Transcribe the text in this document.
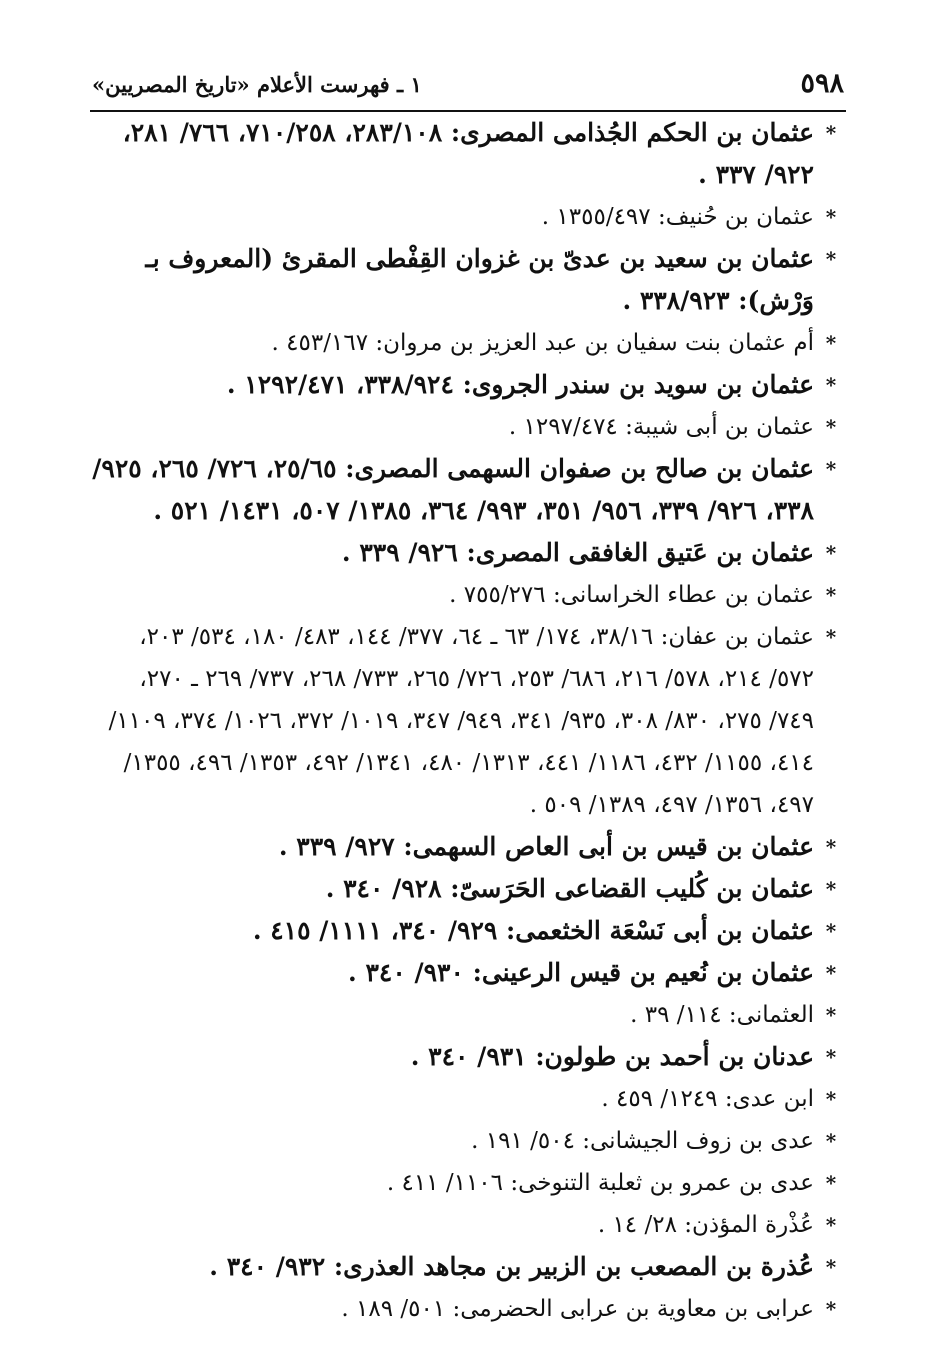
٥٩٨
١ ـ فهرست الأعلام «تاريخ المصريين»

*
عثمان بن الحكم الجُذامى المصرى: ٢٨٣/١٠٨، ٧١٠/٢٥٨، ٧٦٦/ ٢٨١، ٩٢٢/ ٣٣٧ .

*
عثمان بن حُنيف: ١٣٥٥/٤٩٧ .

*
عثمان بن سعيد بن عدىّ بن غزوان القِفْطى المقرئ (المعروف بـ وَرْش): ٣٣٨/٩٢٣ .

*
أم عثمان بنت سفيان بن عبد العزيز بن مروان: ٤٥٣/١٦٧ .

*
عثمان بن سويد بن سندر الجروى: ٣٣٨/٩٢٤، ١٢٩٢/٤٧١ .

*
عثمان بن أبى شيبة: ١٢٩٧/٤٧٤ .

*
عثمان بن صالح بن صفوان السهمى المصرى: ٢٥/٦٥، ٧٢٦/ ٢٦٥، ٩٢٥/ ٣٣٨، ٩٢٦/ ٣٣٩، ٩٥٦/ ٣٥١، ٩٩٣/ ٣٦٤، ١٣٨٥/ ٥٠٧، ١٤٣١/ ٥٢١ .

*
عثمان بن عَتيق الغافقى المصرى: ٩٢٦/ ٣٣٩ .

*
عثمان بن عطاء الخراسانى: ٧٥٥/٢٧٦ .

*
عثمان بن عفان: ٣٨/١٦، ١٧٤/ ٦٣ ـ ٦٤، ٣٧٧/ ١٤٤، ٤٨٣/ ١٨٠، ٥٣٤/ ٢٠٣، ٥٧٢/ ٢١٤، ٥٧٨/ ٢١٦، ٦٨٦/ ٢٥٣، ٧٢٦/ ٢٦٥، ٧٣٣/ ٢٦٨، ٧٣٧/ ٢٦٩ ـ ٢٧٠، ٧٤٩/ ٢٧٥، ٨٣٠/ ٣٠٨، ٩٣٥/ ٣٤١، ٩٤٩/ ٣٤٧، ١٠١٩/ ٣٧٢، ١٠٢٦/ ٣٧٤، ١١٠٩/ ٤١٤، ١١٥٥/ ٤٣٢، ١١٨٦/ ٤٤١، ١٣١٣/ ٤٨٠، ١٣٤١/ ٤٩٢، ١٣٥٣/ ٤٩٦، ١٣٥٥/ ٤٩٧، ١٣٥٦/ ٤٩٧، ١٣٨٩/ ٥٠٩ .

*
عثمان بن قيس بن أبى العاص السهمى: ٩٢٧/ ٣٣٩ .

*
عثمان بن كُليب القضاعى الحَرَسىّ: ٩٢٨/ ٣٤٠ .

*
عثمان بن أبى نَسْعَة الخثعمى: ٩٢٩/ ٣٤٠، ١١١١/ ٤١٥ .

*
عثمان بن نُعيم بن قيس الرعينى: ٩٣٠/ ٣٤٠ .

*
العثمانى: ١١٤/ ٣٩ .

*
عدنان بن أحمد بن طولون: ٩٣١/ ٣٤٠ .

*
ابن عدى: ١٢٤٩/ ٤٥٩ .

*
عدى بن زوف الجيشانى: ٥٠٤/ ١٩١ .

*
عدى بن عمرو بن ثعلبة التنوخى: ١١٠٦/ ٤١١ .

*
عُذْرة المؤذن: ٢٨/ ١٤ .

*
عُذرة بن المصعب بن الزبير بن مجاهد العذرى: ٩٣٢/ ٣٤٠ .

*
عرابى بن معاوية بن عرابى الحضرمى: ٥٠١/ ١٨٩ .
